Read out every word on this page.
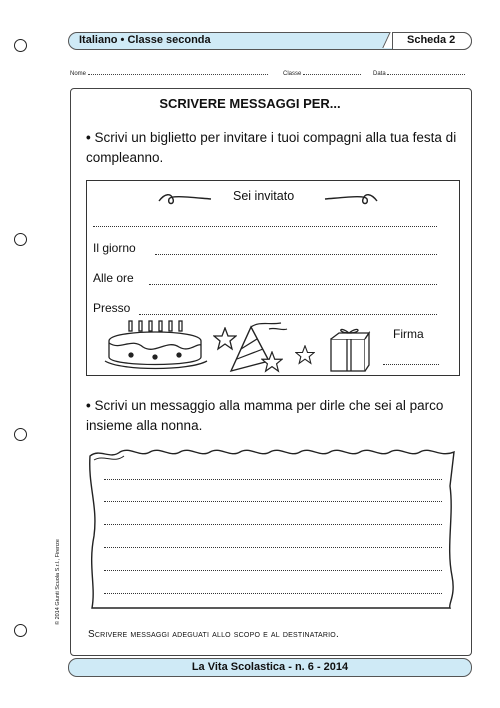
Italiano • Classe seconda	Scheda 2
Nome	Classe	Data
SCRIVERE MESSAGGI PER...
• Scrivi un biglietto per invitare i tuoi compagni alla tua festa di compleanno.
Sei invitato
Il giorno
Alle ore
Presso
Firma
• Scrivi un messaggio alla mamma per dirle che sei al parco insieme alla nonna.
Scrivere messaggi adeguati allo scopo e al destinatario.
© 2014 Giunti Scuola S.r.l., Firenze
La Vita Scolastica - n. 6 - 2014
